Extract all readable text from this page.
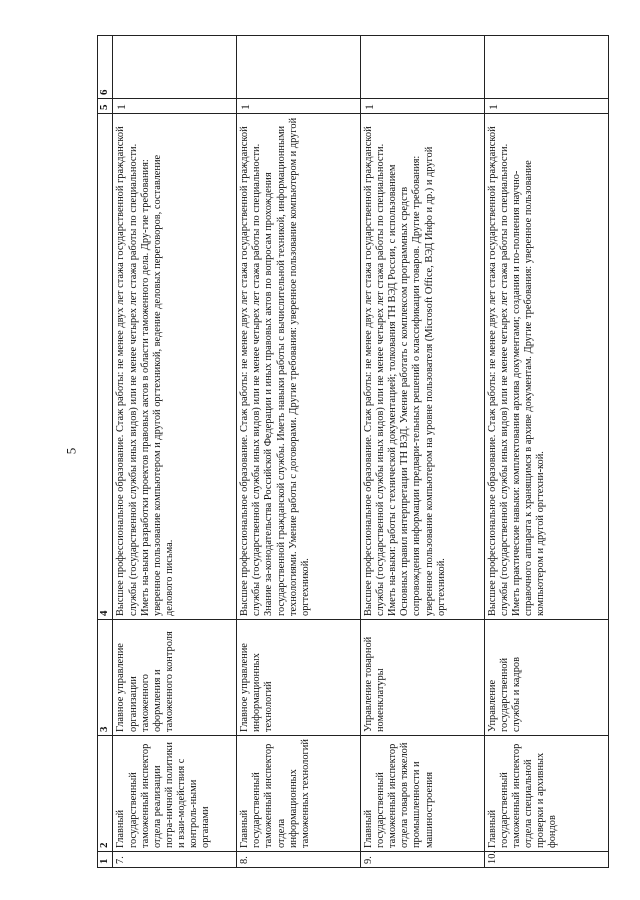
5
1	2	3	4	5	6
7.	Главный государственный таможенный инспектор отдела реализации потра-ничной политики и взаи-модействия с контроль-ными органами	Главное управление организации таможенного оформления и таможенного контроля	Высшее профессиональное образование. Стаж работы: не менее двух лет стажа государственной гражданской службы (государственной службы иных видов) или не менее четырех лет стажа работы по специальности. Иметь на-выки разработки проектов правовых актов в области таможенного дела. Дру-гие требования: уверенное пользование компьютером и другой оргтехникой, ведение деловых переговоров, составление делового письма.	1	
8.	Главный государственный таможенный инспектор отдела информационных таможенных технологий	Главное управление информационных технологий	Высшее профессиональное образование. Стаж работы: не менее двух лет стажа государственной гражданской службы (государственной службы иных видов) или не менее четырех лет стажа работы по специальности. Знание за-конодательства Российской Федерации и иных правовых актов по вопросам прохождения государственной гражданской службы. Иметь навыки работы с вычислительной техникой, информационными технологиями. Умение работы с договорами. Другие требования: уверенное пользование компьютером и другой оргтехникой.	1	
9.	Главный государственный таможенный инспектор отдела товаров тяжелой промышленности и машиностроения	Управление товарной номенклатуры	Высшее профессиональное образование. Стаж работы: не менее двух лет стажа государственной гражданской службы (государственной службы иных видов) или не менее четырех лет стажа работы по специальности. Иметь на-выки: работы с технической документацией; толкования ТН ВЭД России, с использованием Основных правил интерпретации ТН ВЭД. Умение работать с комплексом программных средств сопровождения информации предвари-тельных решений о классификации товаров. Другие требования: уверенное пользование компьютером на уровне пользователя (Microsoft Office, ВЭД Инфо и др.) и другой оргтехникой.	1	
10.	Главный государственный таможенный инспектор отдела специальной проверки и архивных фондов	Управление государственной службы и кадров	Высшее профессиональное образование. Стаж работы: не менее двух лет стажа государственной гражданской службы (государственной службы иных видов) или не менее четырех лет стажа работы по специальности. Иметь практические навыки: комплектования архива документами; создания и по-полнения научно-справочного аппарата к хранящимся в архиве документам. Другие требования: уверенное пользование компьютером и другой оргтехни-кой.	1	
